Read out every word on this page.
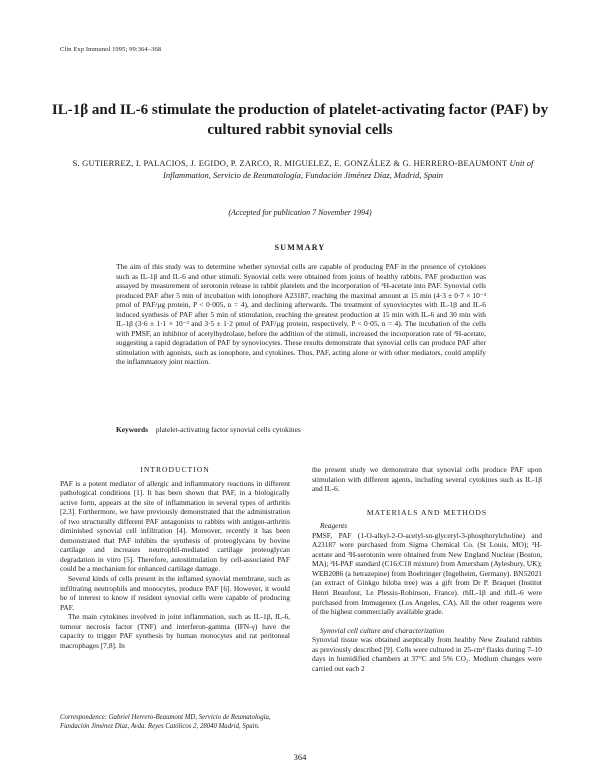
Clin Exp Immunol 1995; 99:364–368
IL-1β and IL-6 stimulate the production of platelet-activating factor (PAF) by cultured rabbit synovial cells
S. GUTIERREZ, I. PALACIOS, J. EGIDO, P. ZARCO, R. MIGUELEZ, E. GONZÁLEZ & G. HERRERO-BEAUMONT Unit of Inflammation, Servicio de Reumatología, Fundación Jiménez Díaz, Madrid, Spain
(Accepted for publication 7 November 1994)
SUMMARY

The aim of this study was to determine whether synovial cells are capable of producing PAF in the presence of cytokines such as IL-1β and IL-6 and other stimuli. Synovial cells were obtained from joints of healthy rabbits. PAF production was assayed by measurement of serotonin release in rabbit platelets and the incorporation of ³H-acetate into PAF. Synovial cells produced PAF after 5 min of incubation with ionophore A23187, reaching the maximal amount at 15 min (4·3 ± 0·7 × 10⁻³ pmol of PAF/μg protein, P < 0·005, n = 4), and declining afterwards. The treatment of synoviocytes with IL-1β and IL-6 induced synthesis of PAF after 5 min of stimulation, reaching the greatest production at 15 min with IL-6 and 30 min with IL-1β (3·6 ± 1·1 × 10⁻³ and 3·5 ± 1·2 pmol of PAF/μg protein, respectively, P < 0·05, n = 4). The incubation of the cells with PMSF, an inhibitor of acetylhydrolase, before the addition of the stimuli, increased the incorporation rate of ³H-acetate, suggesting a rapid degradation of PAF by synoviocytes. These results demonstrate that synovial cells can produce PAF after stimulation with agonists, such as ionophore, and cytokines. Thus, PAF, acting alone or with other mediators, could amplify the inflammatory joint reaction.

Keywords platelet-activating factor synovial cells cytokines
INTRODUCTION

PAF is a potent mediator of allergic and inflammatory reactions in different pathological conditions [1]. It has been shown that PAF, in a biologically active form, appears at the site of inflammation in several types of arthritis [2,3]. Furthermore, we have previously demonstrated that the administration of two structurally different PAF antagonists to rabbits with antigen-arthritis diminished synovial cell infiltration [4]. Moreover, recently it has been demonstrated that PAF inhibits the synthesis of proteoglycans by bovine cartilage and increases neutrophil-mediated cartilage proteoglycan degradation in vitro [5]. Therefore, autostimulation by cell-associated PAF could be a mechanism for enhanced cartilage damage.

Several kinds of cells present in the inflamed synovial membrane, such as infiltrating neutrophils and monocytes, produce PAF [6]. However, it would be of interest to know if resident synovial cells were capable of producing PAF.

The main cytokines involved in joint inflammation, such as IL-1β, IL-6, tumour necrosis factor (TNF) and interferon-gamma (IFN-γ) have the capacity to trigger PAF synthesis by human monocytes and rat peritoneal macrophages [7,8]. In

Correspondence: Gabriel Herrero-Beaumont MD, Servicio de Reumatología, Fundación Jiménez Díaz, Avda. Reyes Católicos 2, 28040 Madrid, Spain.

the present study we demonstrate that synovial cells produce PAF upon stimulation with different agents, including several cytokines such as IL-1β and IL-6.

MATERIALS AND METHODS

Reagents

PMSF, PAF (1-O-alkyl-2-O-acetyl-sn-glyceryl-3-phosphorylcholine) and A23187 were purchased from Sigma Chemical Co. (St Louis, MO); ³H-acetate and ³H-serotonin were obtained from New England Nuclear (Boston, MA); ³H-PAF standard (C16:C18 mixture) from Amersham (Aylesbury, UK); WEB2086 (a hetrazepine) from Boehringer (Ingelheim, Germany). BN52021 (an extract of Ginkgo biloba tree) was a gift from Dr P. Braquet (Institut Henri Beaufour, Le Plessis-Robinson, France). rhIL-1β and rhIL-6 were purchased from Immugenex (Los Angeles, CA). All the other reagents were of the highest commercially available grade.

Synovial cell culture and characterization

Synovial tissue was obtained aseptically from healthy New Zealand rabbits as previously described [9]. Cells were cultured in 25-cm² flasks during 7–10 days in humidified chambers at 37°C and 5% CO₂. Medium changes were carried out each 2

364
